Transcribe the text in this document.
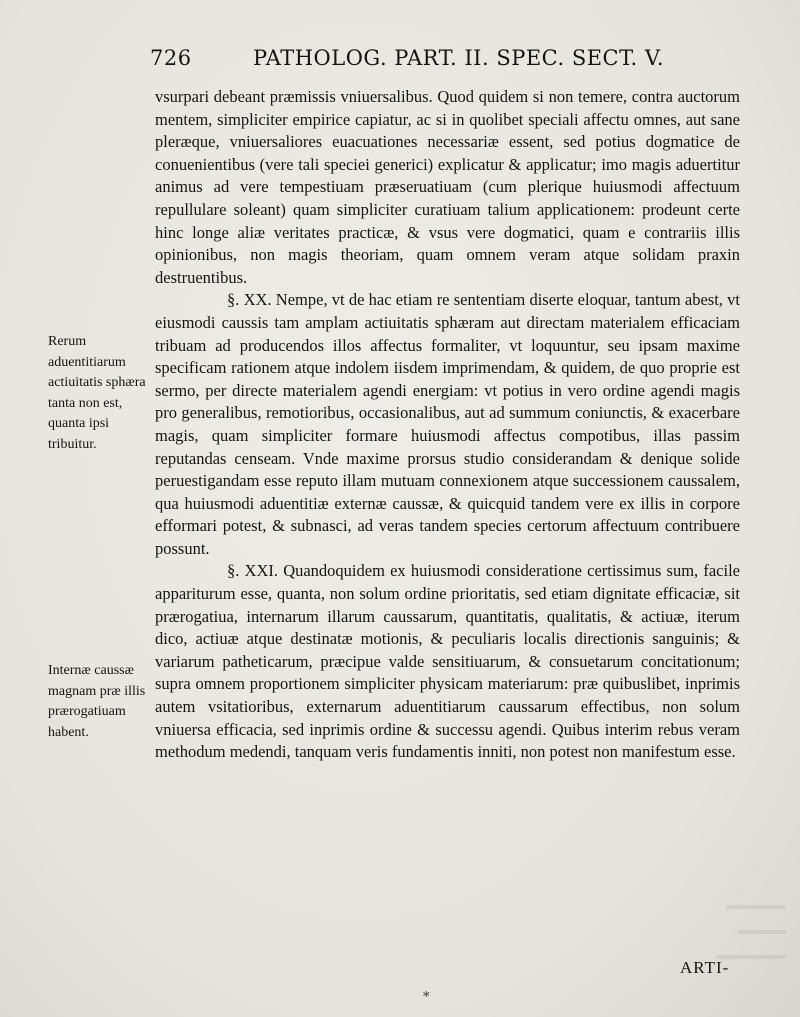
726	PATHOLOG. PART. II. SPEC. SECT. V.

vsurpari debeant præmissis vniuersalibus. Quod quidem si non temere, contra auctorum mentem, simpliciter empirice capiatur, ac si in quolibet speciali affectu omnes, aut sane pleræque, vniuersaliores euacuationes necessariæ essent, sed potius dogmatice de conuenientibus (vere tali speciei generici) explicatur & applicatur; imo magis aduertitur animus ad vere tempestiuam præseruatiuam (cum plerique huiusmodi affectuum repullulare soleant) quam simpliciter curatiuam talium applicationem: prodeunt certe hinc longe aliæ veritates practicæ, & vsus vere dogmatici, quam e contrariis illis opinionibus, non magis theoriam, quam omnem veram atque solidam praxin destruentibus.

§. XX. Nempe, vt de hac etiam re sententiam diserte eloquar, tantum abest, vt eiusmodi caussis tam amplam actiuitatis sphæram aut directam materialem efficaciam tribuam ad producendos illos affectus formaliter, vt loquuntur, seu ipsam maxime specificam rationem atque indolem iisdem imprimendam, & quidem, de quo proprie est sermo, per directe materialem agendi energiam: vt potius in vero ordine agendi magis pro generalibus, remotioribus, occasionalibus, aut ad summum coniunctis, & exacerbare magis, quam simpliciter formare huiusmodi affectus compotibus, illas passim reputandas censeam. Vnde maxime prorsus studio considerandam & denique solide peruestigandam esse reputo illam mutuam connexionem atque successionem caussalem, qua huiusmodi aduentitiæ externæ caussæ, & quicquid tandem vere ex illis in corpore efformari potest, & subnasci, ad veras tandem species certorum affectuum contribuere possunt.

§. XXI. Quandoquidem ex huiusmodi consideratione certissimus sum, facile appariturum esse, quanta, non solum ordine prioritatis, sed etiam dignitate efficaciæ, sit prærogatiua, internarum illarum caussarum, quantitatis, qualitatis, & actiuæ, iterum dico, actiuæ atque destinatæ motionis, & peculiaris localis directionis sanguinis; & variarum patheticarum, præcipue valde sensitiuarum, & consuetarum concitationum; supra omnem proportionem simpliciter physicam materiarum: præ quibuslibet, inprimis autem vsitatioribus, externarum aduentitiarum caussarum effectibus, non solum vniuersa efficacia, sed inprimis ordine & successu agendi. Quibus interim rebus veram methodum medendi, tanquam veris fundamentis inniti, non potest non manifestum esse.

Rerum aduentitiarum actiuitatis sphæra tanta non est, quanta ipsi tribuitur.
Internæ caussæ magnam præ illis prærogatiuam habent.
ARTI-
*
